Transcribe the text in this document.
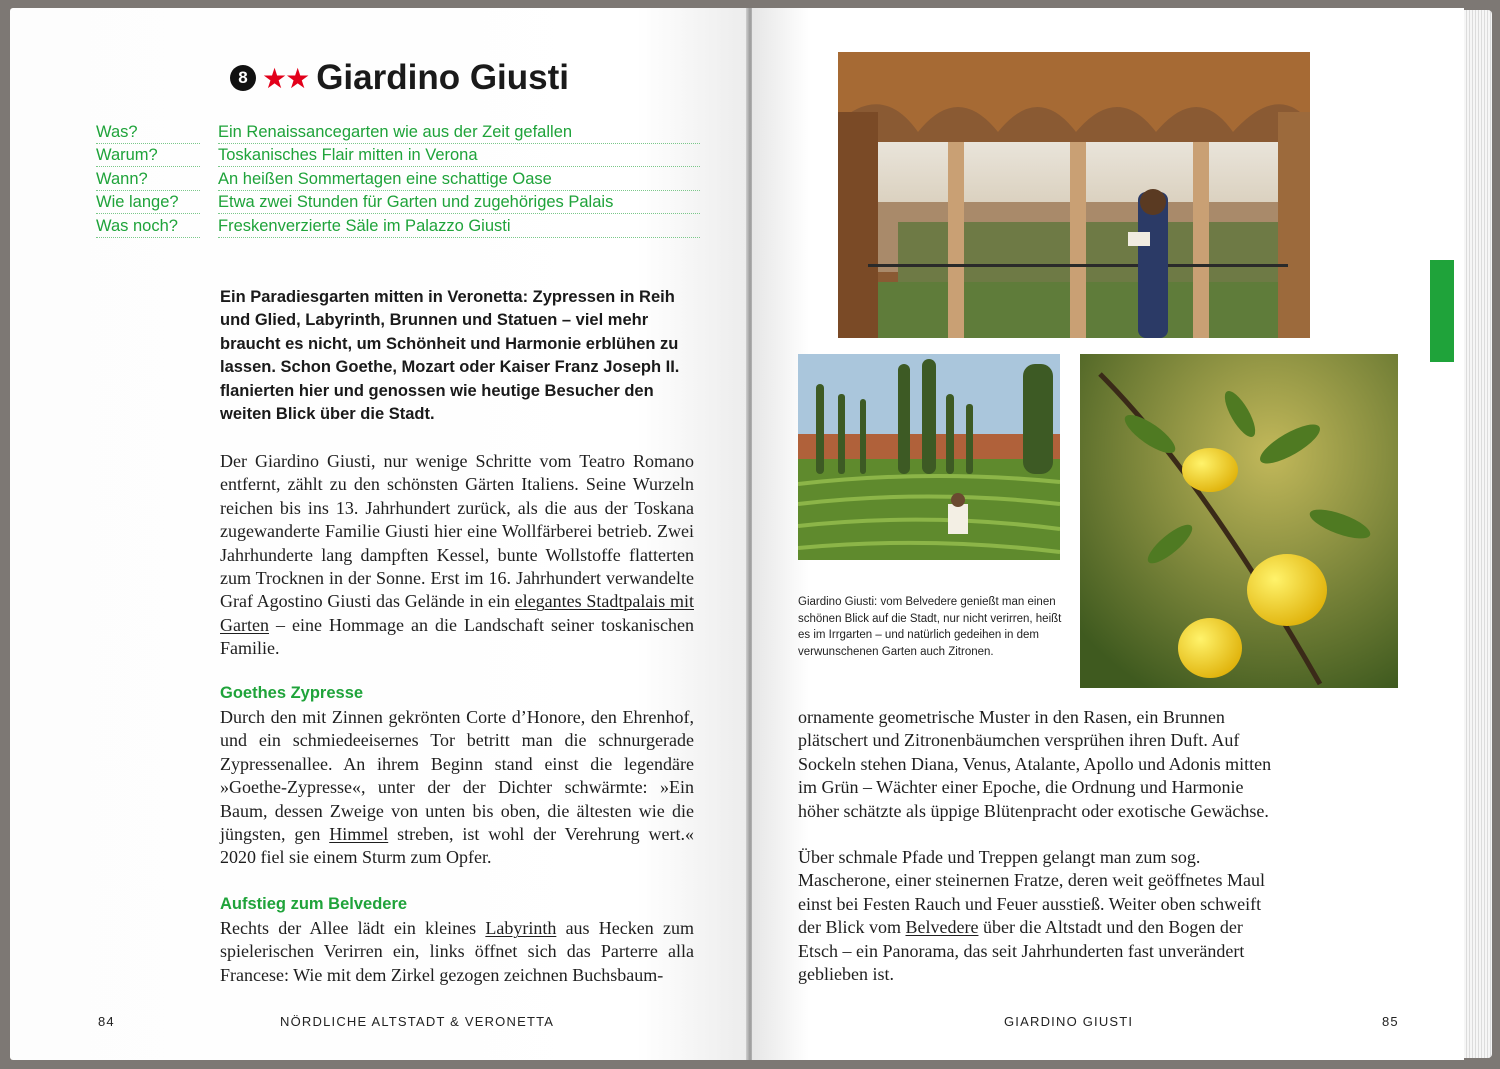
8 ★★ Giardino Giusti
Was?	Ein Renaissancegarten wie aus der Zeit gefallen
Warum?	Toskanisches Flair mitten in Verona
Wann?	An heißen Sommertagen eine schattige Oase
Wie lange?	Etwa zwei Stunden für Garten und zugehöriges Palais
Was noch?	Freskenverzierte Säle im Palazzo Giusti
Ein Paradiesgarten mitten in Veronetta: Zypressen in Reih und Glied, Labyrinth, Brunnen und Statuen – viel mehr braucht es nicht, um Schönheit und Harmonie erblühen zu lassen. Schon Goethe, Mozart oder Kaiser Franz Joseph II. flanierten hier und genossen wie heutige Besucher den weiten Blick über die Stadt.
Der Giardino Giusti, nur wenige Schritte vom Teatro Romano entfernt, zählt zu den schönsten Gärten Italiens. Seine Wurzeln reichen bis ins 13. Jahrhundert zurück, als die aus der Toskana zugewanderte Familie Giusti hier eine Wollfärberei betrieb. Zwei Jahrhunderte lang dampften Kessel, bunte Wollstoffe flatterten zum Trocknen in der Sonne. Erst im 16. Jahrhundert verwandelte Graf Agostino Giusti das Gelände in ein elegantes Stadtpalais mit Garten – eine Hommage an die Landschaft seiner toskanischen Familie.
Goethes Zypresse
Durch den mit Zinnen gekrönten Corte d’Honore, den Ehrenhof, und ein schmiedeeisernes Tor betritt man die schnurgerade Zypressenallee. An ihrem Beginn stand einst die legendäre »Goethe-Zypresse«, unter der der Dichter schwärmte: »Ein Baum, dessen Zweige von unten bis oben, die ältesten wie die jüngsten, gen Himmel streben, ist wohl der Verehrung wert.« 2020 fiel sie einem Sturm zum Opfer.
Aufstieg zum Belvedere
Rechts der Allee lädt ein kleines Labyrinth aus Hecken zum spielerischen Verirren ein, links öffnet sich das Parterre alla Francese: Wie mit dem Zirkel gezogen zeichnen Buchsbaum-
84	NÖRDLICHE ALTSTADT & VERONETTA
Giardino Giusti: vom Belvedere genießt man einen schönen Blick auf die Stadt, nur nicht verirren, heißt es im Irrgarten – und natürlich gedeihen in dem verwunschenen Garten auch Zitronen.
ornamente geometrische Muster in den Rasen, ein Brunnen plätschert und Zitronenbäumchen versprühen ihren Duft. Auf Sockeln stehen Diana, Venus, Atalante, Apollo und Adonis mitten im Grün – Wächter einer Epoche, die Ordnung und Harmonie höher schätzte als üppige Blütenpracht oder exotische Gewächse.
Über schmale Pfade und Treppen gelangt man zum sog. Mascherone, einer steinernen Fratze, deren weit geöffnetes Maul einst bei Festen Rauch und Feuer ausstieß. Weiter oben schweift der Blick vom Belvedere über die Altstadt und den Bogen der Etsch – ein Panorama, das seit Jahrhunderten fast unverändert geblieben ist.
GIARDINO GIUSTI	85
